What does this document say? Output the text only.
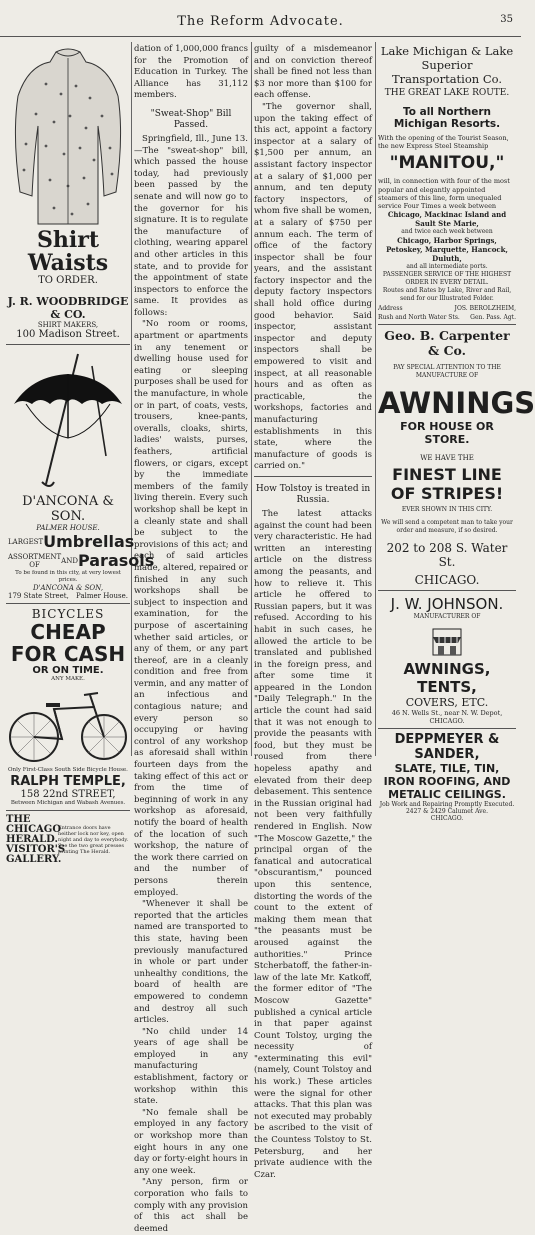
The Reform Advocate.	35
Shirt Waists
TO ORDER.
J. R. WOODBRIDGE & CO.
SHIRT MAKERS,
100 Madison Street.
D'ANCONA & SON.
PALMER HOUSE.
LARGEST Umbrellas
ASSORTMENT OF	AND Parasols
To be found in this city, at very lowest prices.
D'ANCONA & SON,
179 State Street, Palmer House.
BICYCLES
CHEAP FOR CASH
OR ON TIME.
ANY MAKE.
Only First-Class South Side Bicycle House.
RALPH TEMPLE,
158 22nd STREET,
Between Michigan and Wabash Avenues.
THE CHICAGO HERALD.
VISITOR'S GALLERY.
Entrance doors have neither lock nor key, open night and day to everybody. See the two great presses printing The Herald.

dation of 1,000,000 francs for the Promotion of Education in Turkey. The Alliance has 31,112 members.

"Sweat-Shop" Bill Passed.

Springfield, Ill., June 13.—The "sweat-shop" bill, which passed the house today, had previously been passed by the senate and will now go to the governor for his signature. It is to regulate the manufacture of clothing, wearing apparel and other articles in this state, and to provide for the appointment of state inspectors to enforce the same. It provides as follows:

"No room or rooms, apartment or apartments in any tenement or dwelling house used for eating or sleeping purposes shall be used for the manufacture, in whole or in part, of coats, vests, trousers, knee-pants, overalls, cloaks, shirts, ladies' waists, purses, feathers, artificial flowers, or cigars, except by the immediate members of the family living therein. Every such workshop shall be kept in a cleanly state and shall be subject to the provisions of this act; and each of said articles made, altered, repaired or finished in any such workshops shall be subject to inspection and examination, for the purpose of ascertaining whether said articles, or any of them, or any part thereof, are in a cleanly condition and free from vermin, and any matter of an infectious and contagious nature; and every person so occupying or having control of any workshop as aforesaid shall within fourteen days from the taking effect of this act or from the time of beginning of work in any workshop as aforesaid, notify the board of health of the location of such workshop, the nature of the work there carried on and the number of persons therein employed.

"Whenever it shall be reported that the articles named are transported to this state, having been previously manufactured in whole or part under unhealthy conditions, the board of health are empowered to condemn and destroy all such articles.

"No child under 14 years of age shall be employed in any manufacturing establishment, factory or workshop within this state.

"No female shall be employed in any factory or workshop more than eight hours in any one day or forty-eight hours in any one week.

"Any person, firm or corporation who fails to comply with any provision of this act shall be deemed

guilty of a misdemeanor and on conviction thereof shall be fined not less than $3 nor more than $100 for each offense.

"The governor shall, upon the taking effect of this act, appoint a factory inspector at a salary of $1,500 per annum, an assistant factory inspector at a salary of $1,000 per annum, and ten deputy factory inspectors, of whom five shall be women, at a salary of $750 per annum each. The term of office of the factory inspector shall be four years, and the assistant factory inspector and the deputy factory inspectors shall hold office during good behavior. Said inspector, assistant inspector and deputy inspectors shall be empowered to visit and inspect, at all reasonable hours and as often as practicable, the workshops, factories and manufacturing establishments in this state, where the manufacture of goods is carried on."

How Tolstoy is treated in Russia.

The latest attacks against the count had been very characteristic. He had written an interesting article on the distress among the peasants, and how to relieve it. This article he offered to Russian papers, but it was refused. According to his habit in such cases, he allowed the article to be translated and published in the foreign press, and after some time it appeared in the London "Daily Telegraph." In the article the count had said that it was not enough to provide the peasants with food, but they must be roused from there hopeless apathy and elevated from their deep debasement. This sentence in the Russian original had not been very faithfully rendered in English. Now "The Moscow Gazette," the principal organ of the fanatical and autocratical "obscurantism," pounced upon this sentence, distorting the words of the count to the extent of making them mean that "the peasants must be aroused against the authorities." Prince Stcherbatoff, the father-in-law of the late Mr. Katkoff, the former editor of "The Moscow Gazette" published a cynical article in that paper against Count Tolstoy, urging the necessity of "exterminating this evil" (namely, Count Tolstoy and his work.) These articles were the signal for other attacks. That this plan was not executed may probably be ascribed to the visit of the Countess Tolstoy to St. Petersburg, and her private audience with the Czar.

Lake Michigan & Lake Superior Transportation Co.
THE GREAT LAKE ROUTE.
To all Northern Michigan Resorts.
With the opening of the Tourist Season, the new Express Steel Steamship
"MANITOU,"
will, in connection with four of the most popular and elegantly appointed steamers of this line, form unequaled service Four Times a week between
Chicago, Mackinac Island and Sault Ste Marie,
and twice each week between
Chicago, Harbor Springs, Petoskey, Marquette, Hancock, Duluth,
and all intermediate ports.
PASSENGER SERVICE OF THE HIGHEST ORDER IN EVERY DETAIL.
Routes and Rates by Lake, River and Rail,
send for our Illustrated Folder.
Address	JOS. BEROLZHEIM,
Rush and North Water Sts. Gen. Pass. Agt.
Geo. B. Carpenter & Co.
PAY SPECIAL ATTENTION TO THE MANUFACTURE OF
AWNINGS
FOR HOUSE OR STORE.
WE HAVE THE
FINEST LINE OF STRIPES!
EVER SHOWN IN THIS CITY.
We will send a competent man to take your order and measure, if so desired.
202 to 208 S. Water St.
CHICAGO.
J. W. JOHNSON.
MANUFACTURER OF
AWNINGS, TENTS,
COVERS, ETC.
46 N. Wells St., near N. W. Depot,
CHICAGO.
DEPPMEYER & SANDER,
SLATE, TILE, TIN,
IRON ROOFING, AND
METALIC CEILINGS.
Job Work and Repairing Promptly Executed.
2427 & 2429 Calumet Ave.
CHICAGO.
